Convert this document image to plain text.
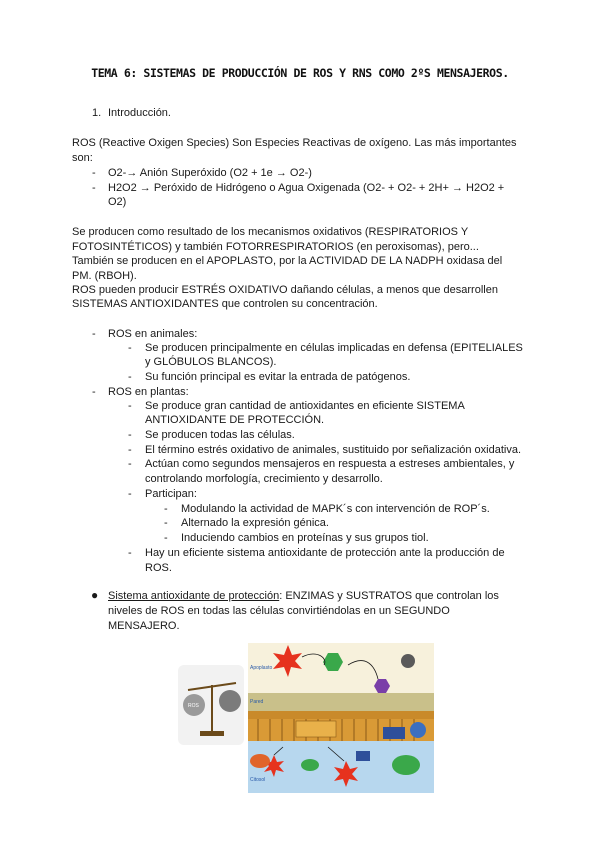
TEMA 6: SISTEMAS DE PRODUCCIÓN DE ROS Y RNS COMO 2ºS MENSAJEROS.
1. Introducción.
ROS (Reactive Oxigen Species) Son Especies Reactivas de oxígeno. Las más importantes
son:
- O2-→ Anión Superóxido (O2 + 1e → O2-)
- H2O2 → Peróxido de Hidrógeno o Agua Oxigenada (O2- + O2- + 2H+ → H2O2 +
O2)
Se producen como resultado de los mecanismos oxidativos (RESPIRATORIOS Y
FOTOSINTÉTICOS) y también FOTORRESPIRATORIOS (en peroxisomas), pero...
También se producen en el APOPLASTO, por la ACTIVIDAD DE LA NADPH oxidasa del
PM. (RBOH).
ROS pueden producir ESTRÉS OXIDATIVO dañando células, a menos que desarrollen
SISTEMAS ANTIOXIDANTES que controlen su concentración.
- ROS en animales:
- Se producen principalmente en células implicadas en defensa (EPITELIALES
y GLÓBULOS BLANCOS).
- Su función principal es evitar la entrada de patógenos.
- ROS en plantas:
- Se produce gran cantidad de antioxidantes en eficiente SISTEMA
ANTIOXIDANTE DE PROTECCIÓN.
- Se producen todas las células.
- El término estrés oxidativo de animales, sustituido por señalización oxidativa.
- Actúan como segundos mensajeros en respuesta a estreses ambientales, y
controlando morfología, crecimiento y desarrollo.
- Participan:
- Modulando la actividad de MAPK´s con intervención de ROP´s.
- Alternado la expresión génica.
- Induciendo cambios en proteínas y sus grupos tiol.
- Hay un eficiente sistema antioxidante de protección ante la producción de
ROS.
● Sistema antioxidante de protección: ENZIMAS y SUSTRATOS que controlan los
niveles de ROS en todas las células convirtiéndolas en un SEGUNDO
MENSAJERO.
Apoplasto
Pared
Citosol
ROS
